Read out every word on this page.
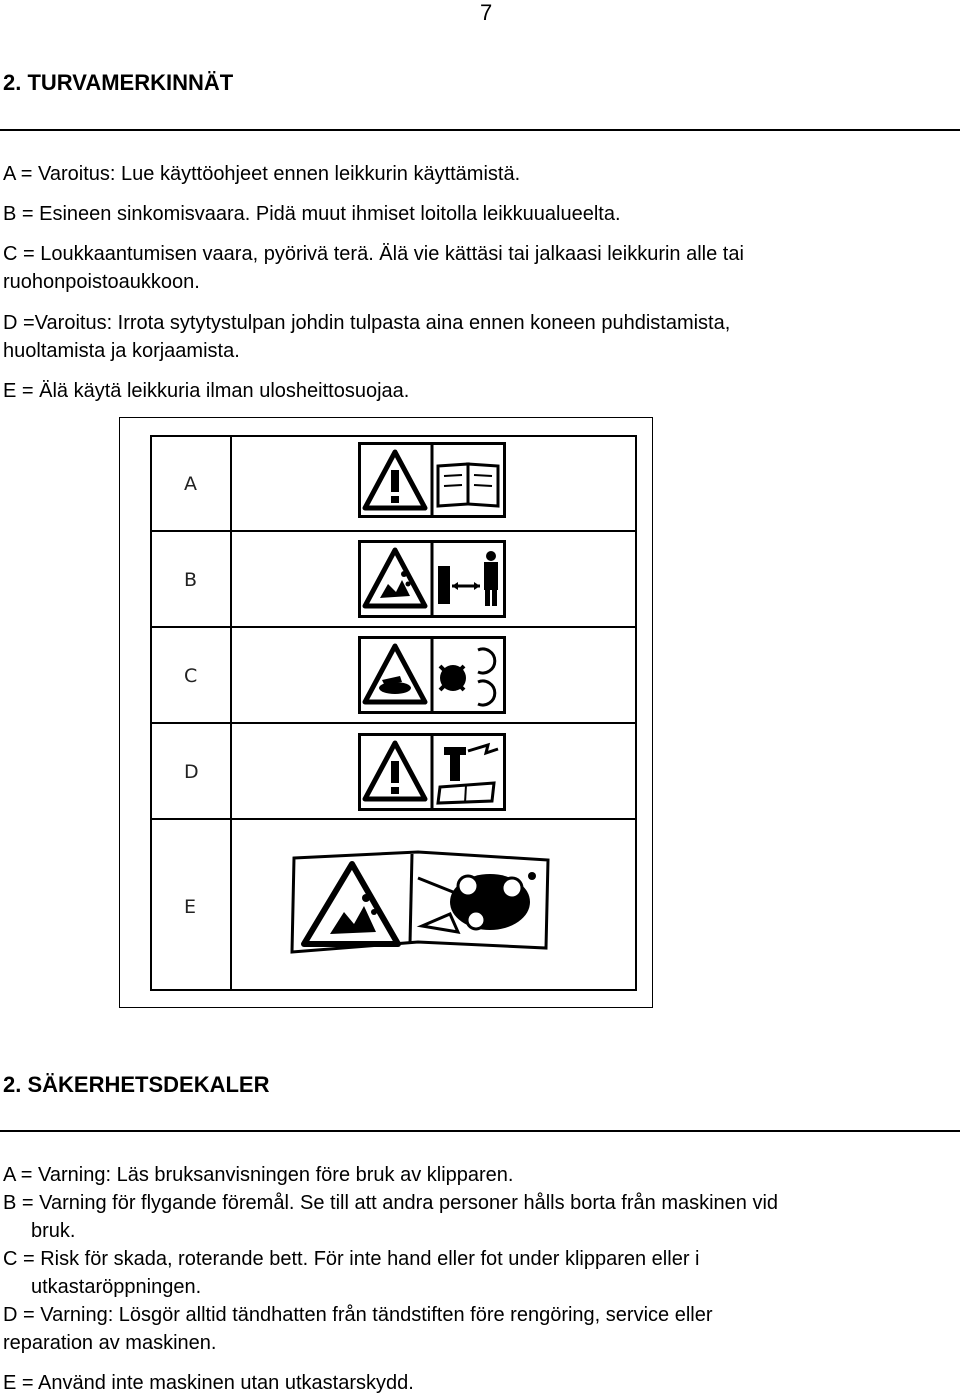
7
2. TURVAMERKINNÄT
A = Varoitus: Lue käyttöohjeet ennen leikkurin käyttämistä.
B = Esineen sinkomisvaara. Pidä muut ihmiset loitolla leikkuualueelta.
C = Loukkaantumisen vaara, pyörivä terä. Älä vie kättäsi tai jalkaasi leikkurin alle tai
ruohonpoistoaukkoon.
D =Varoitus: Irrota sytytystulpan johdin tulpasta aina ennen koneen puhdistamista,
huoltamista ja korjaamista.
E = Älä käytä leikkuria ilman ulosheittosuojaa.
A
B
C
D
E
2. SÄKERHETSDEKALER
A = Varning: Läs bruksanvisningen före bruk av klipparen.
B = Varning för flygande föremål. Se till att andra personer hålls borta från maskinen vid
bruk.
C = Risk för skada, roterande bett. För inte hand eller fot under klipparen eller i
utkastaröppningen.
D = Varning: Lösgör alltid tändhatten från tändstiften före rengöring, service eller
reparation av maskinen.
E = Använd inte maskinen utan utkastarskydd.
